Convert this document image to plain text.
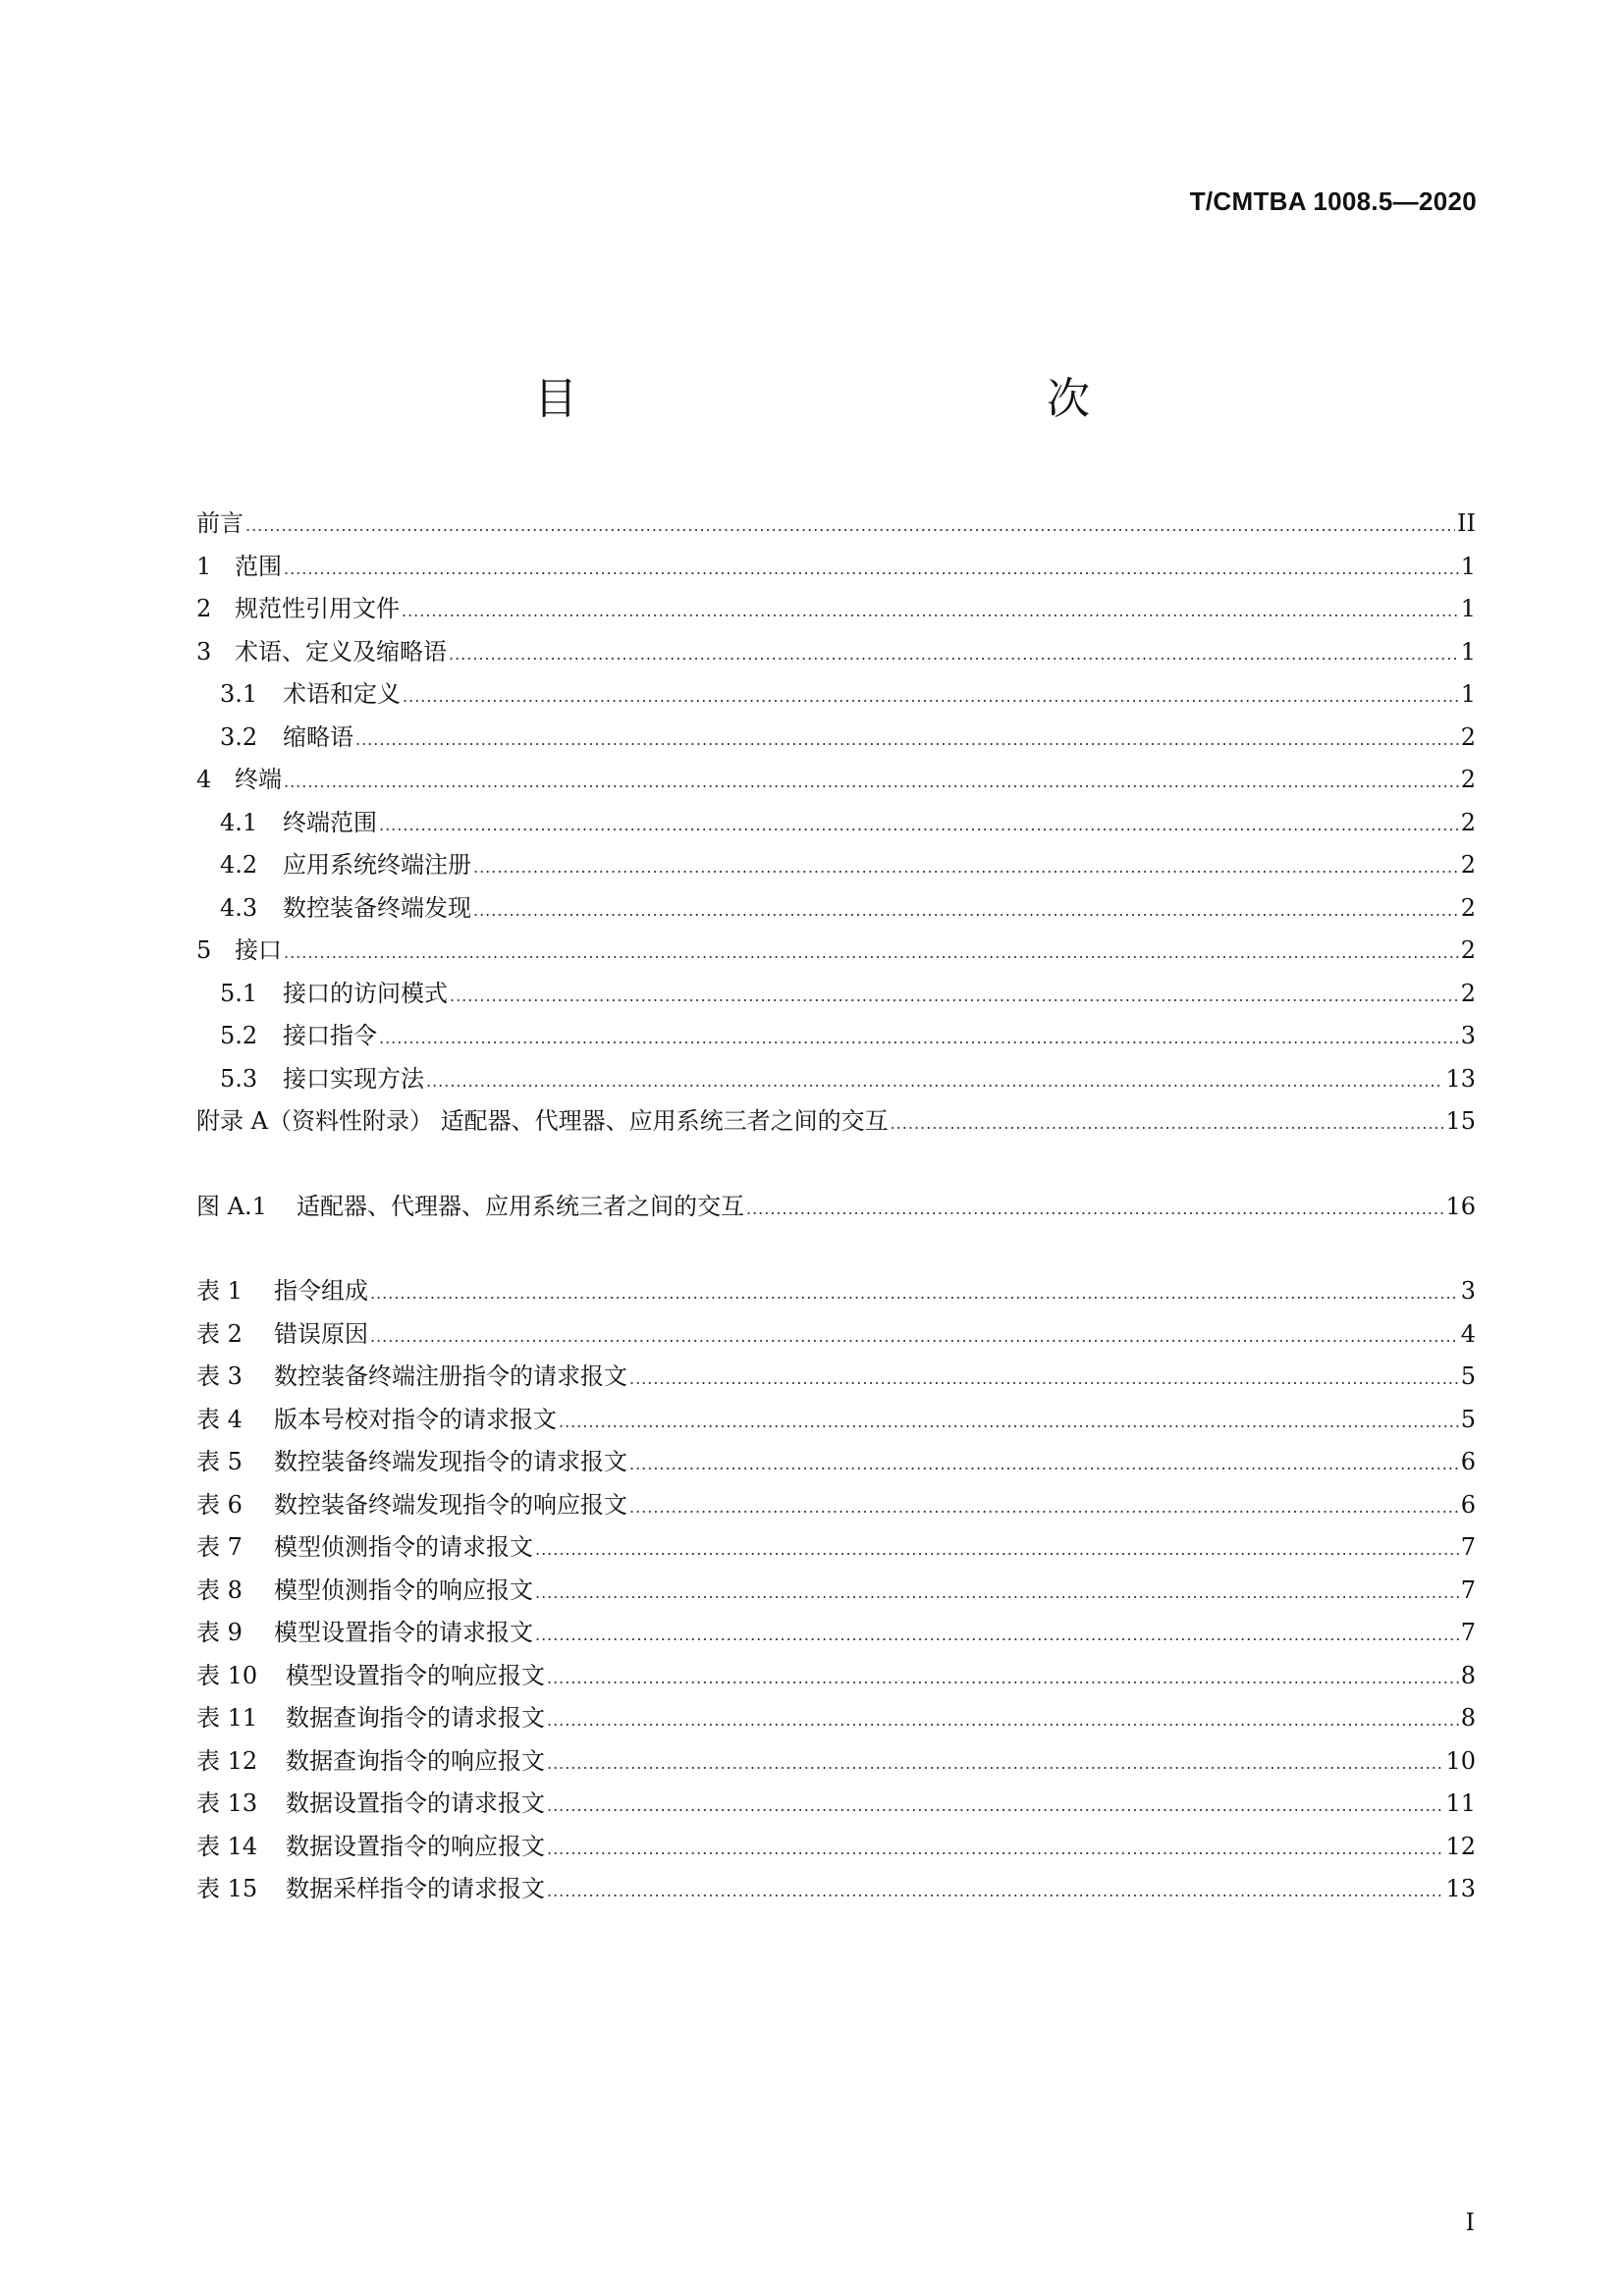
T/CMTBA 1008.5—2020
目　　次
前言 .....	II
1 范围 .....	1
2 规范性引用文件 .....	1
3 术语、定义及缩略语 .....	1
3.1 术语和定义 .....	1
3.2 缩略语 .....	2
4 终端 .....	2
4.1 终端范围 .....	2
4.2 应用系统终端注册 .....	2
4.3 数控装备终端发现 .....	2
5 接口 .....	2
5.1 接口的访问模式 .....	2
5.2 接口指令 .....	3
5.3 接口实现方法 .....	13
附录 A（资料性附录） 适配器、代理器、应用系统三者之间的交互 .....	15
图 A.1 适配器、代理器、应用系统三者之间的交互 .....	16
表 1 指令组成 .....	3
表 2 错误原因 .....	4
表 3 数控装备终端注册指令的请求报文 .....	5
表 4 版本号校对指令的请求报文 .....	5
表 5 数控装备终端发现指令的请求报文 .....	6
表 6 数控装备终端发现指令的响应报文 .....	6
表 7 模型侦测指令的请求报文 .....	7
表 8 模型侦测指令的响应报文 .....	7
表 9 模型设置指令的请求报文 .....	7
表 10 模型设置指令的响应报文 .....	8
表 11 数据查询指令的请求报文 .....	8
表 12 数据查询指令的响应报文 .....	10
表 13 数据设置指令的请求报文 .....	11
表 14 数据设置指令的响应报文 .....	12
表 15 数据采样指令的请求报文 .....	13
I
